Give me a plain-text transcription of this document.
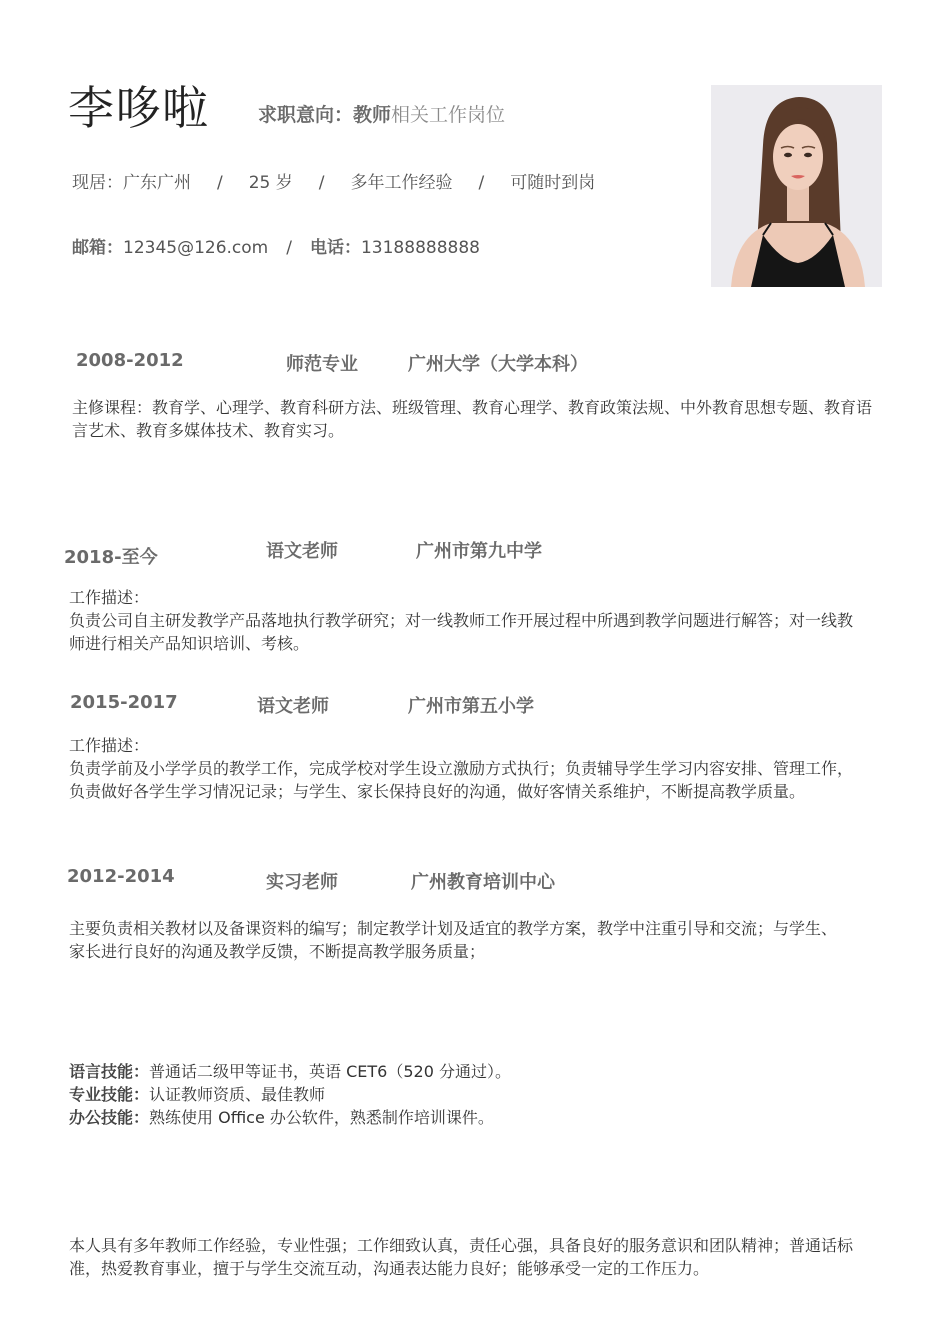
李哆啦	求职意向：教师相关工作岗位
现居：广东广州 / 25 岁 / 多年工作经验 / 可随时到岗
邮箱：12345@126.com / 电话：13188888888
2008-2012	师范专业	广州大学（大学本科）
主修课程：教育学、心理学、教育科研方法、班级管理、教育心理学、教育政策法规、中外教育思想专题、教育语言艺术、教育多媒体技术、教育实习。
2018-至今	语文老师	广州市第九中学
工作描述：
负责公司自主研发教学产品落地执行教学研究；对一线教师工作开展过程中所遇到教学问题进行解答；对一线教师进行相关产品知识培训、考核。
2015-2017	语文老师	广州市第五小学
工作描述：
负责学前及小学学员的教学工作，完成学校对学生设立激励方式执行；负责辅导学生学习内容安排、管理工作，负责做好各学生学习情况记录；与学生、家长保持良好的沟通，做好客情关系维护，不断提高教学质量。
2012-2014	实习老师	广州教育培训中心
主要负责相关教材以及备课资料的编写；制定教学计划及适宜的教学方案，教学中注重引导和交流；与学生、家长进行良好的沟通及教学反馈，不断提高教学服务质量；
语言技能：普通话二级甲等证书，英语 CET6（520 分通过）。
专业技能：认证教师资质、最佳教师
办公技能：熟练使用 Office 办公软件，熟悉制作培训课件。
本人具有多年教师工作经验，专业性强；工作细致认真，责任心强，具备良好的服务意识和团队精神；普通话标准，热爱教育事业，擅于与学生交流互动，沟通表达能力良好；能够承受一定的工作压力。
